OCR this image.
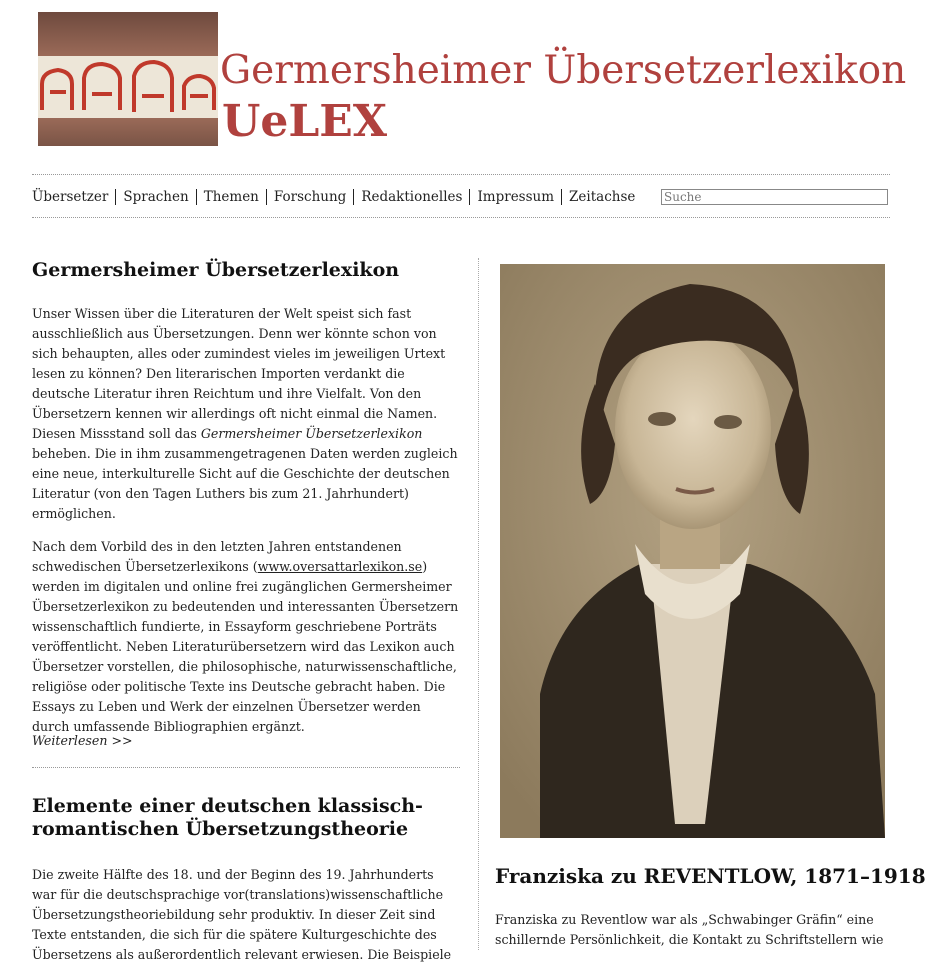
Germersheimer Übersetzerlexikon
UeLEX
Übersetzer	Sprachen	Themen	Forschung	Redaktionelles	Impressum	Zeitachse
Suche
Germersheimer Übersetzerlexikon

Unser Wissen über die Literaturen der Welt speist sich fast ausschließlich aus Übersetzungen. Denn wer könnte schon von sich behaupten, alles oder zumindest vieles im jeweiligen Urtext lesen zu können? Den literarischen Importen verdankt die deutsche Literatur ihren Reichtum und ihre Vielfalt. Von den Übersetzern kennen wir allerdings oft nicht einmal die Namen. Diesen Missstand soll das Germersheimer Übersetzerlexikon beheben. Die in ihm zusammengetragenen Daten werden zugleich eine neue, interkulturelle Sicht auf die Geschichte der deutschen Literatur (von den Tagen Luthers bis zum 21. Jahrhundert) ermöglichen.

Nach dem Vorbild des in den letzten Jahren entstandenen schwedischen Übersetzerlexikons (www.oversattarlexikon.se) werden im digitalen und online frei zugänglichen Germersheimer Übersetzerlexikon zu bedeutenden und interessanten Übersetzern wissenschaftlich fundierte, in Essayform geschriebene Porträts veröffentlicht. Neben Literaturübersetzern wird das Lexikon auch Übersetzer vorstellen, die philosophische, naturwissenschaftliche, religiöse oder politische Texte ins Deutsche gebracht haben. Die Essays zu Leben und Werk der einzelnen Übersetzer werden durch umfassende Bibliographien ergänzt.

Weiterlesen >>
Elemente einer deutschen klassisch-romantischen Übersetzungstheorie

Die zweite Hälfte des 18. und der Beginn des 19. Jahrhunderts war für die deutschsprachige vor(translations)wissenschaftliche Übersetzungstheoriebildung sehr produktiv. In dieser Zeit sind Texte entstanden, die sich für die spätere Kulturgeschichte des Übersetzens als außerordentlich relevant erwiesen. Die Beispiele

Franziska zu REVENTLOW, 1871–1918
Franziska zu Reventlow war als „Schwabinger Gräfin“ eine schillernde Persönlichkeit, die Kontakt zu Schriftstellern wie
